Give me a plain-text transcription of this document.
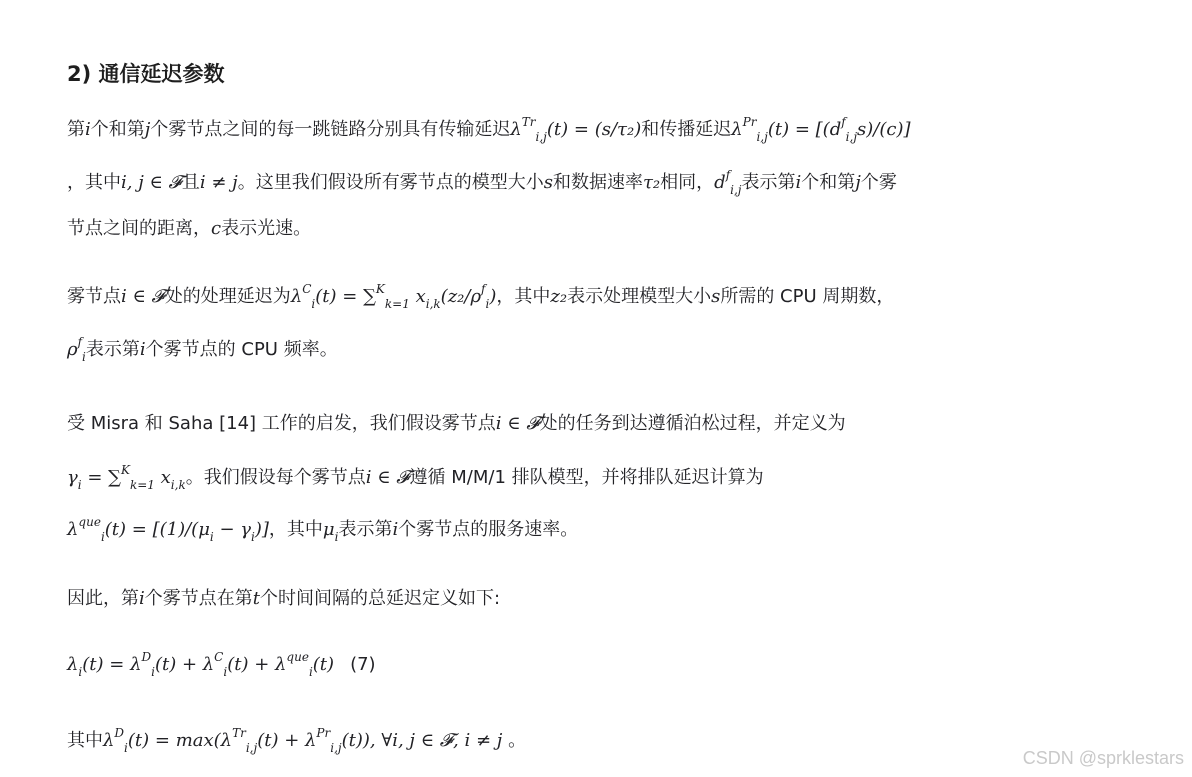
2) 通信延迟参数
第i个和第j个雾节点之间的每一跳链路分别具有传输延迟$\lambda^{Tr}_{i,j}(t) = (s/\tau_2)$和传播延迟$\lambda^{Pr}_{i,j}(t) = [(d^f_{i,j}s)/(c)]$
，其中i, j ∈ 𝓕且i ≠ j。这里我们假设所有雾节点的模型大小s和数据速率τ₂相同，$d^f_{i,j}$表示第i个和第j个雾
节点之间的距离，c表示光速。
雾节点i ∈ 𝓕处的处理延迟为$\lambda^C_i(t) = \sum^K_{k=1}$ $x_{i,k}(z_2/\rho^f_i)$，其中z₂表示处理模型大小s所需的 CPU 周期数，
$\rho^f_i$表示第i个雾节点的 CPU 频率。
受 Misra 和 Saha [14] 工作的启发，我们假设雾节点i ∈ 𝓕处的任务到达遵循泊松过程，并定义为
$\gamma_i = \sum^K_{k=1}$ $x_{i,k}$。我们假设每个雾节点i ∈ 𝓕遵循 M/M/1 排队模型，并将排队延迟计算为
$\lambda^{que}_i(t) = [(1)/(\mu_i - \gamma_i)]$，其中$\mu_i$表示第i个雾节点的服务速率。
因此，第i个雾节点在第t个时间间隔的总延迟定义如下:
$\lambda_i(t) = \lambda^D_i(t) + \lambda^C_i(t) + \lambda^{que}_i(t)$ (7)
其中$\lambda^D_i(t) = \max(\lambda^{Tr}_{i,j}(t) + \lambda^{Pr}_{i,j}(t))$, ∀i, j ∈ 𝓕, i ≠ j 。
CSDN @sprklestars
